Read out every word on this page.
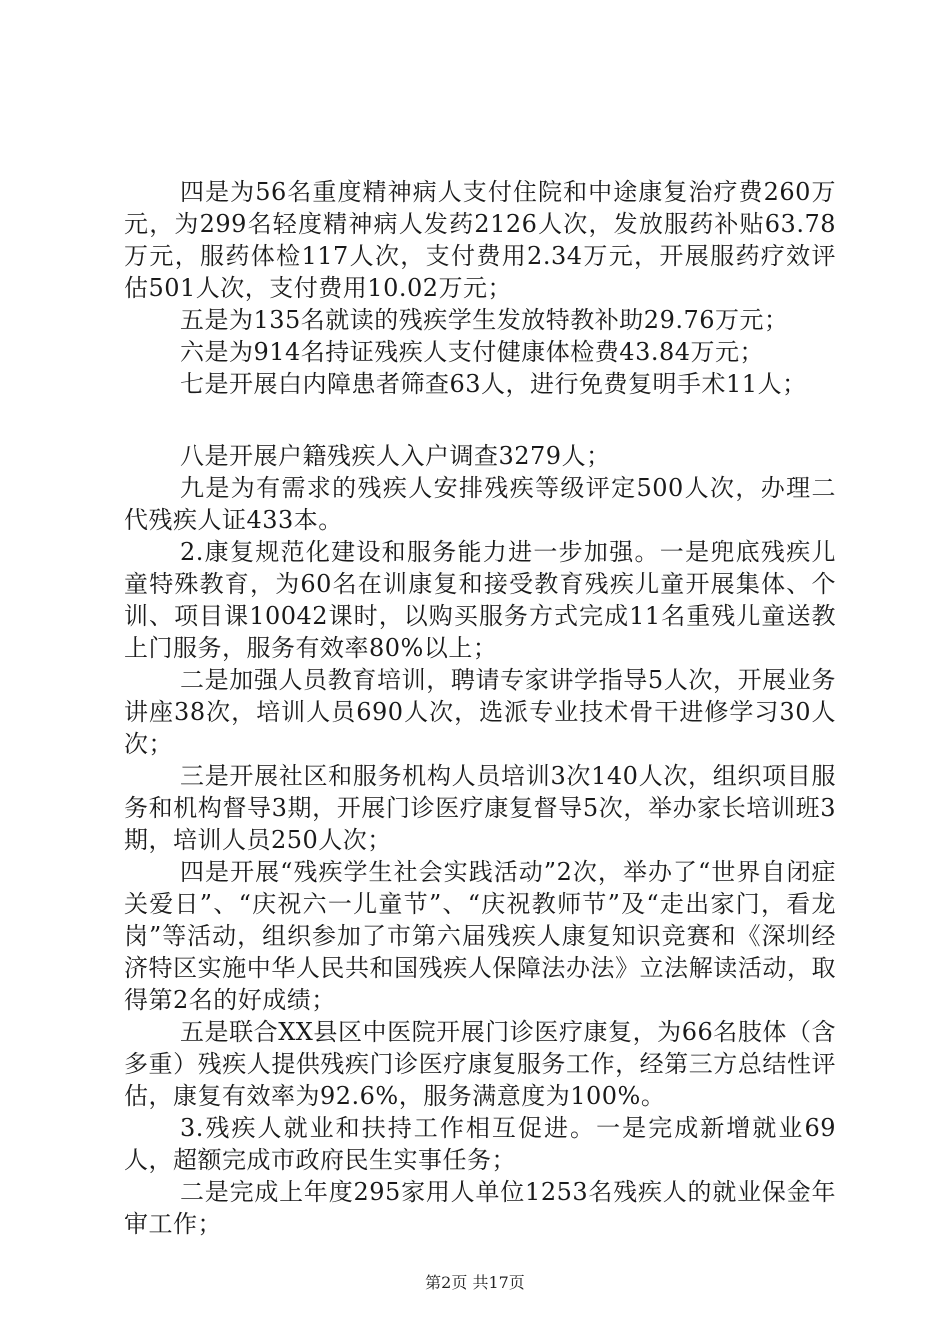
四是为56名重度精神病人支付住院和中途康复治疗费260万元，为299名轻度精神病人发药2126人次，发放服药补贴63.78万元，服药体检117人次，支付费用2.34万元，开展服药疗效评估501人次，支付费用10.02万元；

五是为135名就读的残疾学生发放特教补助29.76万元；

六是为914名持证残疾人支付健康体检费43.84万元；

七是开展白内障患者筛查63人，进行免费复明手术11人；

八是开展户籍残疾人入户调查3279人；

九是为有需求的残疾人安排残疾等级评定500人次，办理二代残疾人证433本。

2.康复规范化建设和服务能力进一步加强。一是兜底残疾儿童特殊教育，为60名在训康复和接受教育残疾儿童开展集体、个训、项目课10042课时，以购买服务方式完成11名重残儿童送教上门服务，服务有效率80%以上；

二是加强人员教育培训，聘请专家讲学指导5人次，开展业务讲座38次，培训人员690人次，选派专业技术骨干进修学习30人次；

三是开展社区和服务机构人员培训3次140人次，组织项目服务和机构督导3期，开展门诊医疗康复督导5次，举办家长培训班3期，培训人员250人次；

四是开展“残疾学生社会实践活动”2次，举办了“世界自闭症关爱日”、“庆祝六一儿童节”、“庆祝教师节”及“走出家门，看龙岗”等活动，组织参加了市第六届残疾人康复知识竞赛和《深圳经济特区实施中华人民共和国残疾人保障法办法》立法解读活动，取得第2名的好成绩；

五是联合XX县区中医院开展门诊医疗康复，为66名肢体（含多重）残疾人提供残疾门诊医疗康复服务工作，经第三方总结性评估，康复有效率为92.6%，服务满意度为100%。

3.残疾人就业和扶持工作相互促进。一是完成新增就业69人，超额完成市政府民生实事任务；

二是完成上年度295家用人单位1253名残疾人的就业保金年审工作；

第2页 共17页
